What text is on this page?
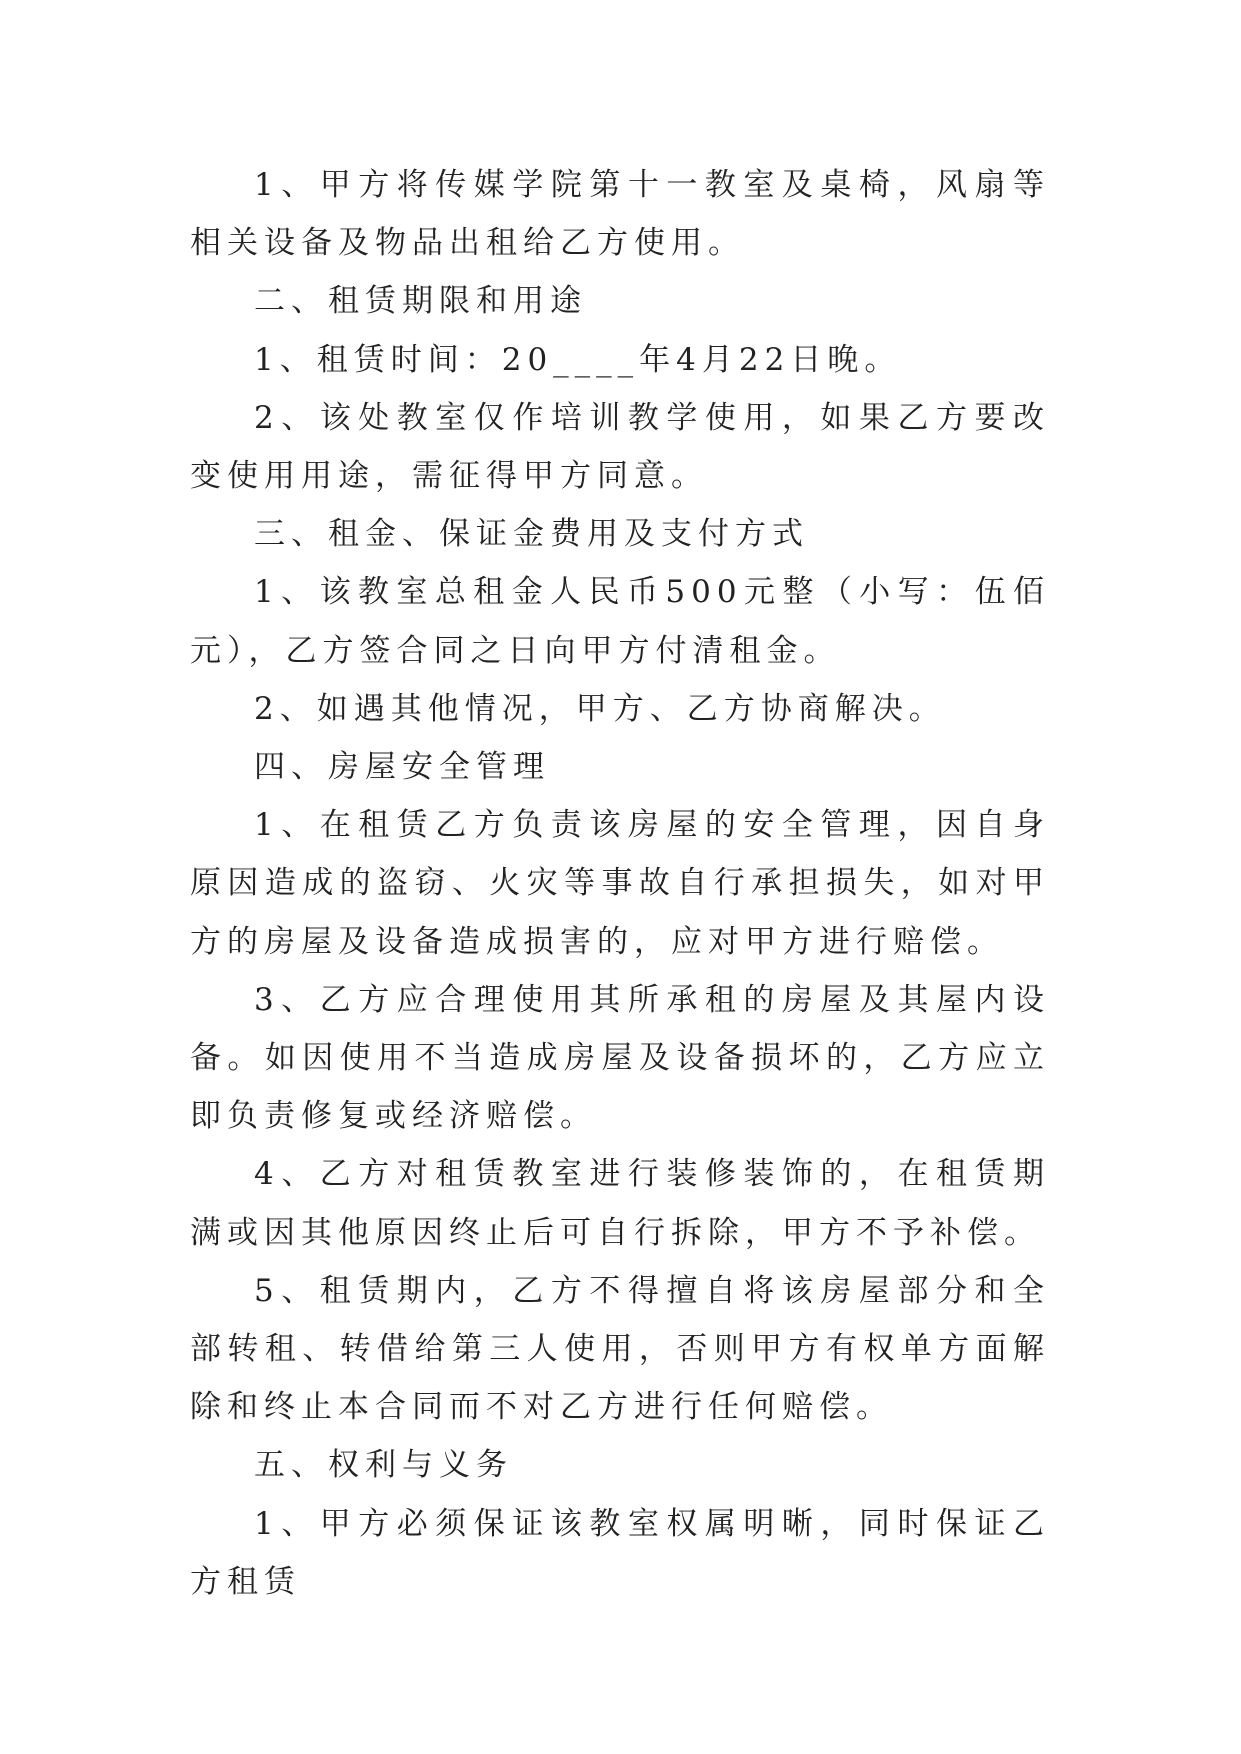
1、甲方将传媒学院第十一教室及桌椅，风扇等相关设备及物品出租给乙方使用。

二、租赁期限和用途

1、租赁时间：20____年4月22日晚。

2、该处教室仅作培训教学使用，如果乙方要改变使用用途，需征得甲方同意。

三、租金、保证金费用及支付方式

1、该教室总租金人民币500元整（小写：伍佰元），乙方签合同之日向甲方付清租金。

2、如遇其他情况，甲方、乙方协商解决。

四、房屋安全管理

1、在租赁乙方负责该房屋的安全管理，因自身原因造成的盗窃、火灾等事故自行承担损失，如对甲方的房屋及设备造成损害的，应对甲方进行赔偿。

3、乙方应合理使用其所承租的房屋及其屋内设备。如因使用不当造成房屋及设备损坏的，乙方应立即负责修复或经济赔偿。

4、乙方对租赁教室进行装修装饰的，在租赁期满或因其他原因终止后可自行拆除，甲方不予补偿。

5、租赁期内，乙方不得擅自将该房屋部分和全部转租、转借给第三人使用，否则甲方有权单方面解除和终止本合同而不对乙方进行任何赔偿。

五、权利与义务

1、甲方必须保证该教室权属明晰，同时保证乙方租赁
